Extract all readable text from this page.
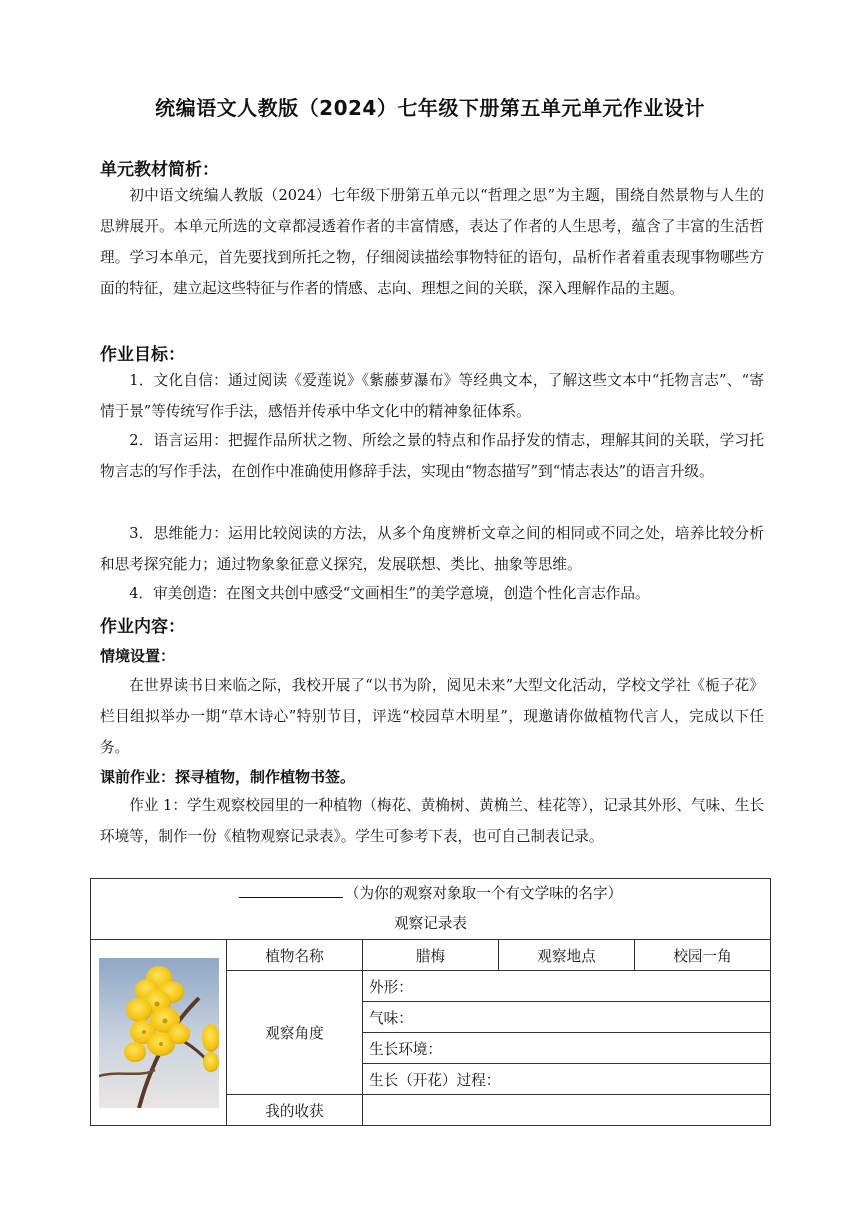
统编语文人教版（2024）七年级下册第五单元单元作业设计
单元教材简析：

初中语文统编人教版（2024）七年级下册第五单元以“哲理之思”为主题，围绕自然景物与人生的思辨展开。本单元所选的文章都浸透着作者的丰富情感，表达了作者的人生思考，蕴含了丰富的生活哲理。学习本单元，首先要找到所托之物，仔细阅读描绘事物特征的语句，品析作者着重表现事物哪些方面的特征，建立起这些特征与作者的情感、志向、理想之间的关联，深入理解作品的主题。

作业目标：

1．文化自信：通过阅读《爱莲说》《紫藤萝瀑布》等经典文本，了解这些文本中“托物言志”、“寄情于景”等传统写作手法，感悟并传承中华文化中的精神象征体系。

2．语言运用：把握作品所状之物、所绘之景的特点和作品抒发的情志，理解其间的关联，学习托物言志的写作手法，在创作中准确使用修辞手法，实现由“物态描写”到“情志表达”的语言升级。

3．思维能力：运用比较阅读的方法，从多个角度辨析文章之间的相同或不同之处，培养比较分析和思考探究能力；通过物象象征意义探究，发展联想、类比、抽象等思维。

4．审美创造：在图文共创中感受“文画相生”的美学意境，创造个性化言志作品。

作业内容：
情境设置：

在世界读书日来临之际，我校开展了“以书为阶，阅见未来”大型文化活动，学校文学社《栀子花》栏目组拟举办一期“草木诗心”特别节目，评选“校园草木明星”，现邀请你做植物代言人，完成以下任务。

课前作业：探寻植物，制作植物书签。

作业 1：学生观察校园里的一种植物（梅花、黄桷树、黄桷兰、桂花等），记录其外形、气味、生长环境等，制作一份《植物观察记录表》。学生可参考下表，也可自己制表记录。

（为你的观察对象取一个有文学味的名字）
观察记录表				

	植物名称	腊梅	观察地点	校园一角
	观察角度	外形：		
		气味：		
		生长环境：		
		生长（开花）过程：		
	我的收获			
